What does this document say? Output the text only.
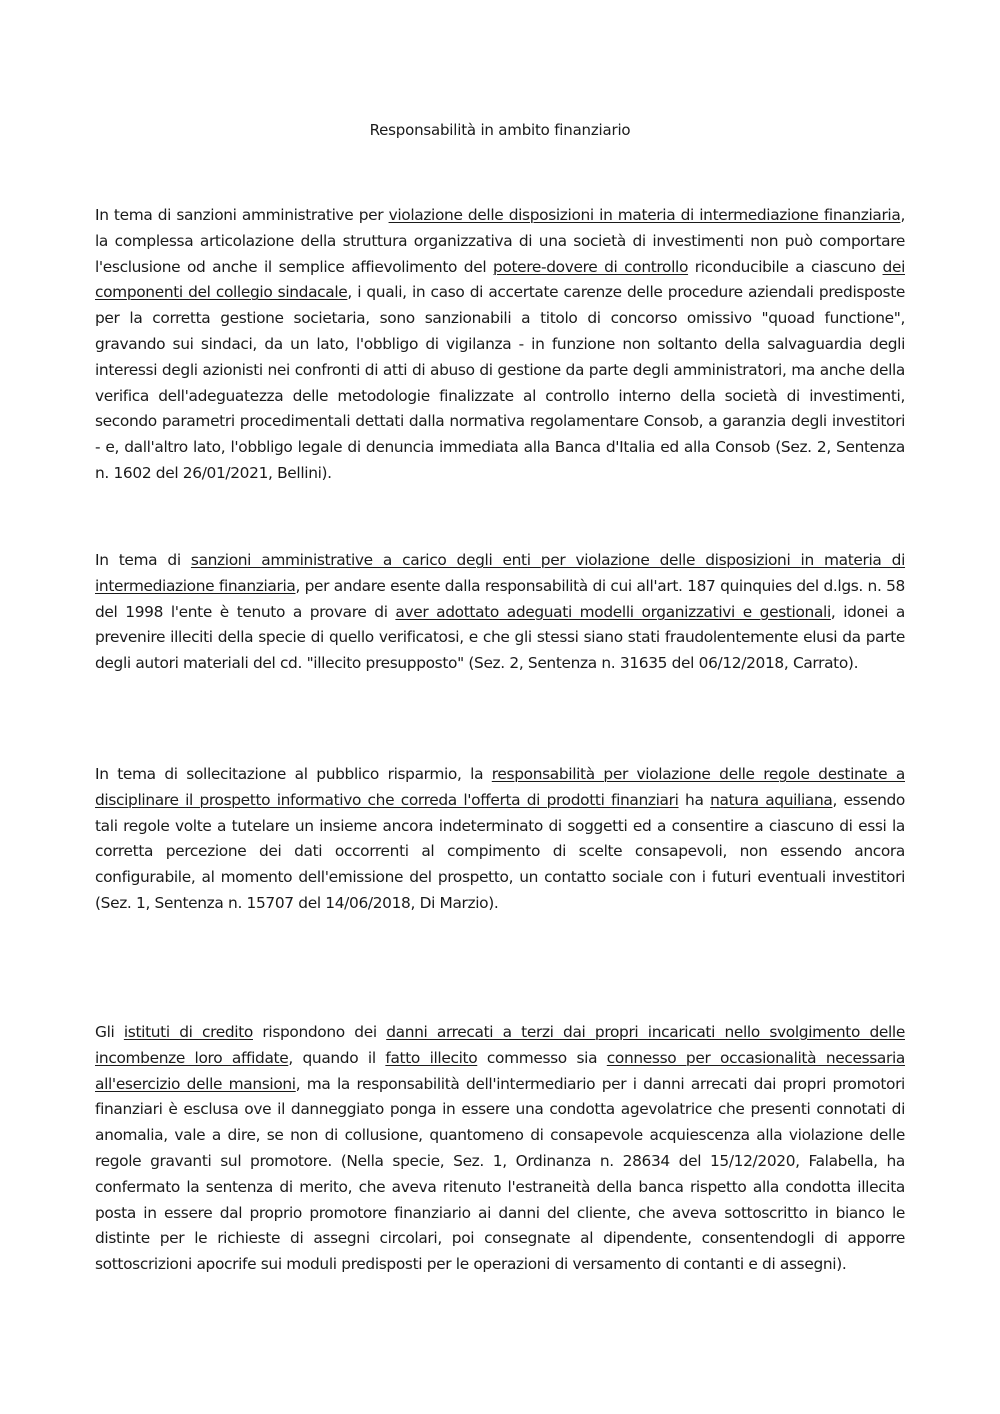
Responsabilità in ambito finanziario

In tema di sanzioni amministrative per violazione delle disposizioni in materia di intermediazione finanziaria, la complessa articolazione della struttura organizzativa di una società di investimenti non può comportare l'esclusione od anche il semplice affievolimento del potere-dovere di controllo riconducibile a ciascuno dei componenti del collegio sindacale, i quali, in caso di accertate carenze delle procedure aziendali predisposte per la corretta gestione societaria, sono sanzionabili a titolo di concorso omissivo "quoad functione", gravando sui sindaci, da un lato, l'obbligo di vigilanza - in funzione non soltanto della salvaguardia degli interessi degli azionisti nei confronti di atti di abuso di gestione da parte degli amministratori, ma anche della verifica dell'adeguatezza delle metodologie finalizzate al controllo interno della società di investimenti, secondo parametri procedimentali dettati dalla normativa regolamentare Consob, a garanzia degli investitori - e, dall'altro lato, l'obbligo legale di denuncia immediata alla Banca d'Italia ed alla Consob (Sez. 2, Sentenza n. 1602 del 26/01/2021, Bellini).

In tema di sanzioni amministrative a carico degli enti per violazione delle disposizioni in materia di intermediazione finanziaria, per andare esente dalla responsabilità di cui all'art. 187 quinquies del d.lgs. n. 58 del 1998 l'ente è tenuto a provare di aver adottato adeguati modelli organizzativi e gestionali, idonei a prevenire illeciti della specie di quello verificatosi, e che gli stessi siano stati fraudolentemente elusi da parte degli autori materiali del cd. "illecito presupposto" (Sez. 2, Sentenza n. 31635 del 06/12/2018, Carrato).

In tema di sollecitazione al pubblico risparmio, la responsabilità per violazione delle regole destinate a disciplinare il prospetto informativo che correda l'offerta di prodotti finanziari ha natura aquiliana, essendo tali regole volte a tutelare un insieme ancora indeterminato di soggetti ed a consentire a ciascuno di essi la corretta percezione dei dati occorrenti al compimento di scelte consapevoli, non essendo ancora configurabile, al momento dell'emissione del prospetto, un contatto sociale con i futuri eventuali investitori (Sez. 1, Sentenza n. 15707 del 14/06/2018, Di Marzio).

Gli istituti di credito rispondono dei danni arrecati a terzi dai propri incaricati nello svolgimento delle incombenze loro affidate, quando il fatto illecito commesso sia connesso per occasionalità necessaria all'esercizio delle mansioni, ma la responsabilità dell'intermediario per i danni arrecati dai propri promotori finanziari è esclusa ove il danneggiato ponga in essere una condotta agevolatrice che presenti connotati di anomalia, vale a dire, se non di collusione, quantomeno di consapevole acquiescenza alla violazione delle regole gravanti sul promotore. (Nella specie, Sez. 1, Ordinanza n. 28634 del 15/12/2020, Falabella, ha confermato la sentenza di merito, che aveva ritenuto l'estraneità della banca rispetto alla condotta illecita posta in essere dal proprio promotore finanziario ai danni del cliente, che aveva sottoscritto in bianco le distinte per le richieste di assegni circolari, poi consegnate al dipendente, consentendogli di apporre sottoscrizioni apocrife sui moduli predisposti per le operazioni di versamento di contanti e di assegni).
